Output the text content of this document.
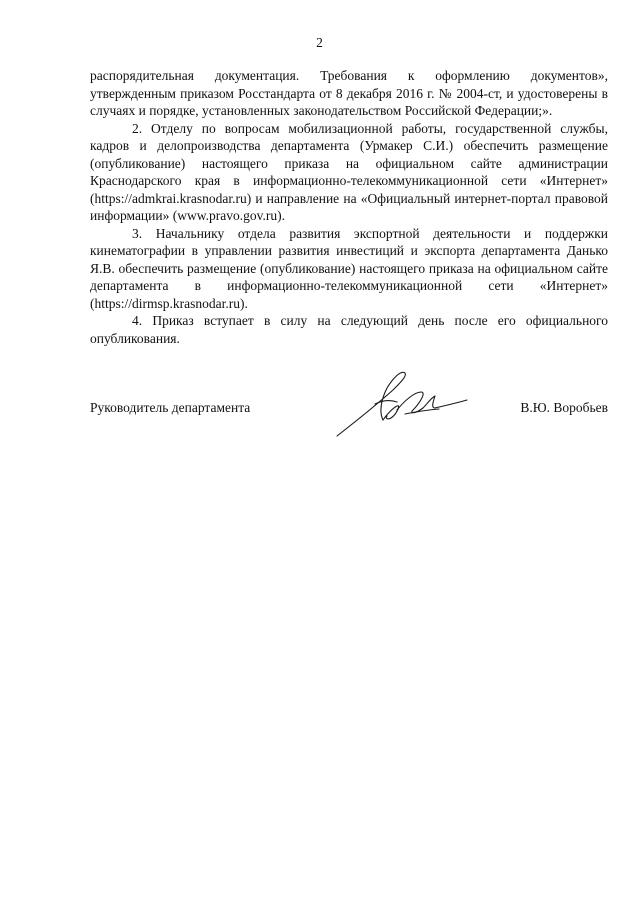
2

распорядительная документация. Требования к оформлению документов», утвержденным приказом Росстандарта от 8 декабря 2016 г. № 2004-ст, и удостоверены в случаях и порядке, установленных законодательством Российской Федерации;».

2. Отделу по вопросам мобилизационной работы, государственной службы, кадров и делопроизводства департамента (Урмакер С.И.) обеспечить размещение (опубликование) настоящего приказа на официальном сайте администрации Краснодарского края в информационно-телекоммуникационной сети «Интернет» (https://admkrai.krasnodar.ru) и направление на «Официальный интернет-портал правовой информации» (www.pravo.gov.ru).

3. Начальнику отдела развития экспортной деятельности и поддержки кинематографии в управлении развития инвестиций и экспорта департамента Данько Я.В. обеспечить размещение (опубликование) настоящего приказа на официальном сайте департамента в информационно-телекоммуникационной сети «Интернет» (https://dirmsp.krasnodar.ru).

4. Приказ вступает в силу на следующий день после его официального опубликования.

Руководитель департамента	В.Ю. Воробьев
